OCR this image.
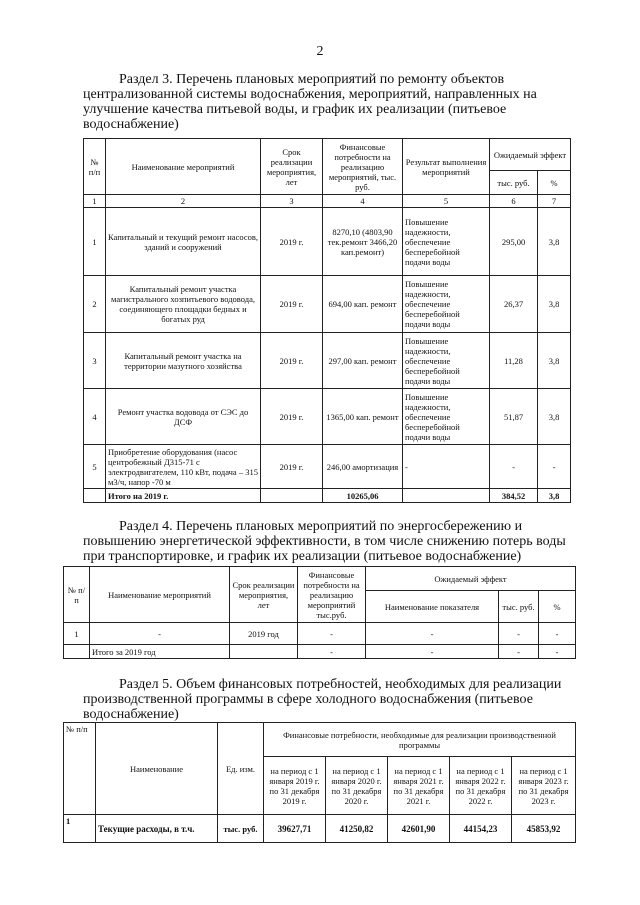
2
Раздел 3. Перечень плановых мероприятий по ремонту объектов
централизованной системы водоснабжения, мероприятий, направленных на
улучшение качества питьевой воды, и график их реализации (питьевое
водоснабжение)
№ п/п	Наименование мероприятий	Срок реализации мероприятия, лет	Финансовые потребности на реализацию мероприятий, тыс. руб.	Результат выполнения мероприятий	Ожидаемый эффект	
					тыс. руб.	%
1	2	3	4	5	6	7
1	Капитальный и текущий ремонт насосов, зданий и сооружений	2019 г.	8270,10 (4803,90 тек.ремонт 3466,20 кап.ремонт)	Повышение надежности, обеспечение бесперебойной подачи воды	295,00	3,8
2	Капитальный ремонт участка магистрального хозпитьевого водовода, соединяющего площадки бедных и богатых руд	2019 г.	694,00 кап. ремонт	Повышение надежности, обеспечение бесперебойной подачи воды	26,37	3,8
3	Капитальный ремонт участка на территории мазутного хозяйства	2019 г.	297,00 кап. ремонт	Повышение надежности, обеспечение бесперебойной подачи воды	11,28	3,8
4	Ремонт участка водовода от СЭС до ДСФ	2019 г.	1365,00 кап. ремонт	Повышение надежности, обеспечение бесперебойной подачи воды	51,87	3,8
5	Приобретение оборудования (насос центробежный Д315-71 с электродвигателем, 110 кВт, подача – 315 м3/ч, напор -70 м	2019 г.	246,00 амортизация	-	-	-
	Итого на 2019 г.		10265,06		384,52	3,8
Раздел 4. Перечень плановых мероприятий по энергосбережению и
повышению энергетической эффективности, в том числе снижению потерь воды
при транспортировке, и график их реализации (питьевое водоснабжение)
№ п/п	Наименование мероприятий	Срок реализации мероприятия, лет	Финансовые потребности на реализацию мероприятий тыс.руб.	Ожидаемый эффект		
				Наименование показателя	тыс. руб.	%
1	-	2019 год	-	-	-	-
	Итого за 2019 год		-	-	-	-
Раздел 5. Объем финансовых потребностей, необходимых для реализации
производственной программы в сфере холодного водоснабжения (питьевое
водоснабжение)
№ п/п	Наименование	Ед. изм.	Финансовые потребности, необходимые для реализации производственной программы				
			на период с 1 января 2019 г. по 31 декабря 2019 г.	на период с 1 января 2020 г. по 31 декабря 2020 г.	на период с 1 января 2021 г. по 31 декабря 2021 г.	на период с 1 января 2022 г. по 31 декабря 2022 г.	на период с 1 января 2023 г. по 31 декабря 2023 г.
1	Текущие расходы, в т.ч.	тыс. руб.	39627,71	41250,82	42601,90	44154,23	45853,92
